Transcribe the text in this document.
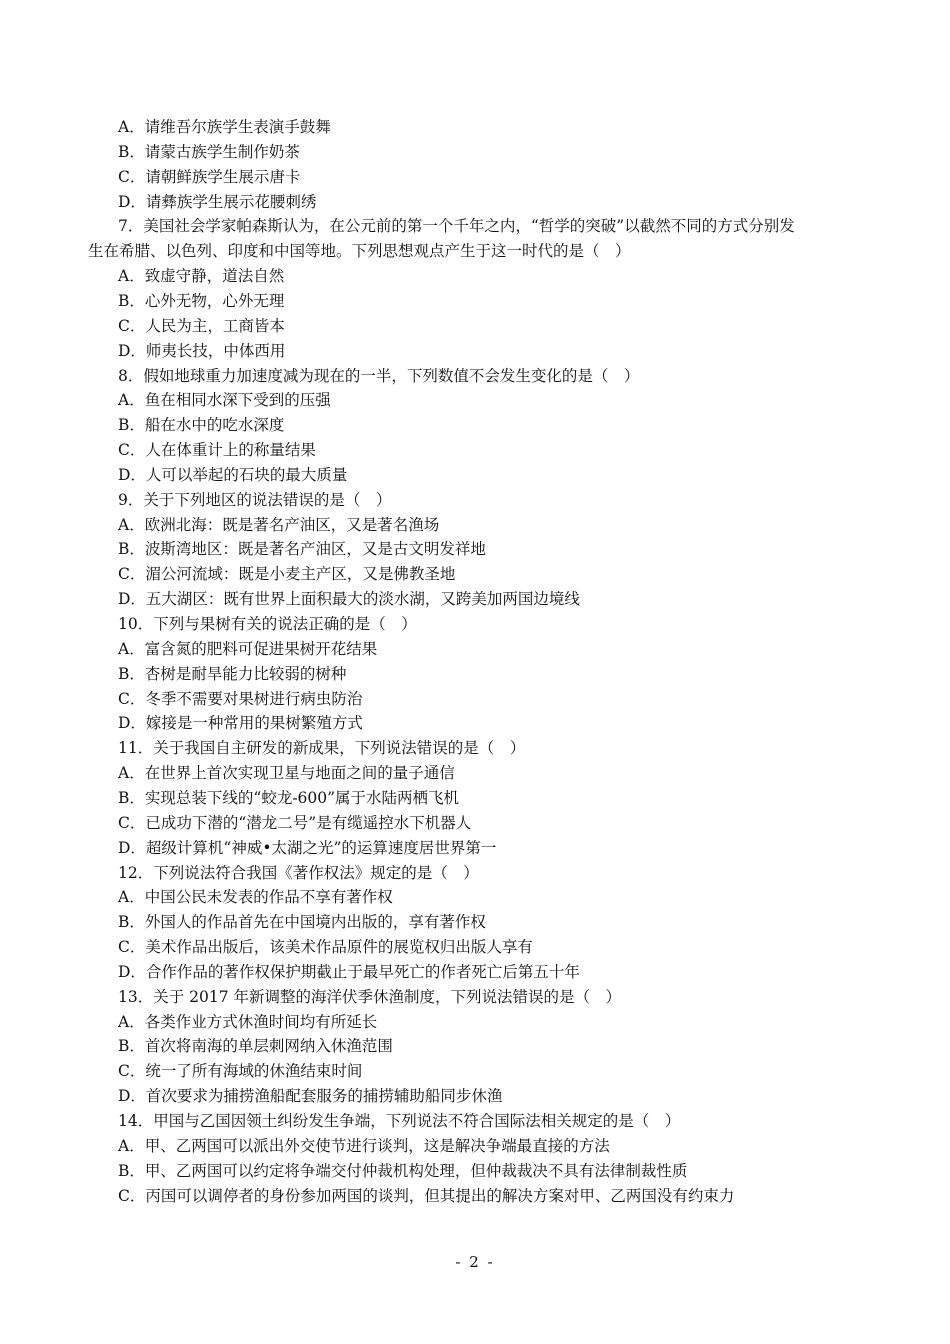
A．请维吾尔族学生表演手鼓舞
B．请蒙古族学生制作奶茶
C．请朝鲜族学生展示唐卡
D．请彝族学生展示花腰刺绣
7．美国社会学家帕森斯认为，在公元前的第一个千年之内，“哲学的突破”以截然不同的方式分别发
生在希腊、以色列、印度和中国等地。下列思想观点产生于这一时代的是（　）
A．致虚守静，道法自然
B．心外无物，心外无理
C．人民为主，工商皆本
D．师夷长技，中体西用
8．假如地球重力加速度减为现在的一半，下列数值不会发生变化的是（　）
A．鱼在相同水深下受到的压强
B．船在水中的吃水深度
C．人在体重计上的称量结果
D．人可以举起的石块的最大质量
9．关于下列地区的说法错误的是（　）
A．欧洲北海：既是著名产油区，又是著名渔场
B．波斯湾地区：既是著名产油区，又是古文明发祥地
C．湄公河流域：既是小麦主产区，又是佛教圣地
D．五大湖区：既有世界上面积最大的淡水湖，又跨美加两国边境线
10．下列与果树有关的说法正确的是（　）
A．富含氮的肥料可促进果树开花结果
B．杏树是耐旱能力比较弱的树种
C．冬季不需要对果树进行病虫防治
D．嫁接是一种常用的果树繁殖方式
11．关于我国自主研发的新成果，下列说法错误的是（　）
A．在世界上首次实现卫星与地面之间的量子通信
B．实现总装下线的“蛟龙-600”属于水陆两栖飞机
C．已成功下潜的“潜龙二号”是有缆遥控水下机器人
D．超级计算机“神威•太湖之光”的运算速度居世界第一
12．下列说法符合我国《著作权法》规定的是（　）
A．中国公民未发表的作品不享有著作权
B．外国人的作品首先在中国境内出版的，享有著作权
C．美术作品出版后，该美术作品原件的展览权归出版人享有
D．合作作品的著作权保护期截止于最早死亡的作者死亡后第五十年
13．关于 2017 年新调整的海洋伏季休渔制度，下列说法错误的是（　）
A．各类作业方式休渔时间均有所延长
B．首次将南海的单层刺网纳入休渔范围
C．统一了所有海域的休渔结束时间
D．首次要求为捕捞渔船配套服务的捕捞辅助船同步休渔
14．甲国与乙国因领土纠纷发生争端，下列说法不符合国际法相关规定的是（　）
A．甲、乙两国可以派出外交使节进行谈判，这是解决争端最直接的方法
B．甲、乙两国可以约定将争端交付仲裁机构处理，但仲裁裁决不具有法律制裁性质
C．丙国可以调停者的身份参加两国的谈判，但其提出的解决方案对甲、乙两国没有约束力
- 2 -
